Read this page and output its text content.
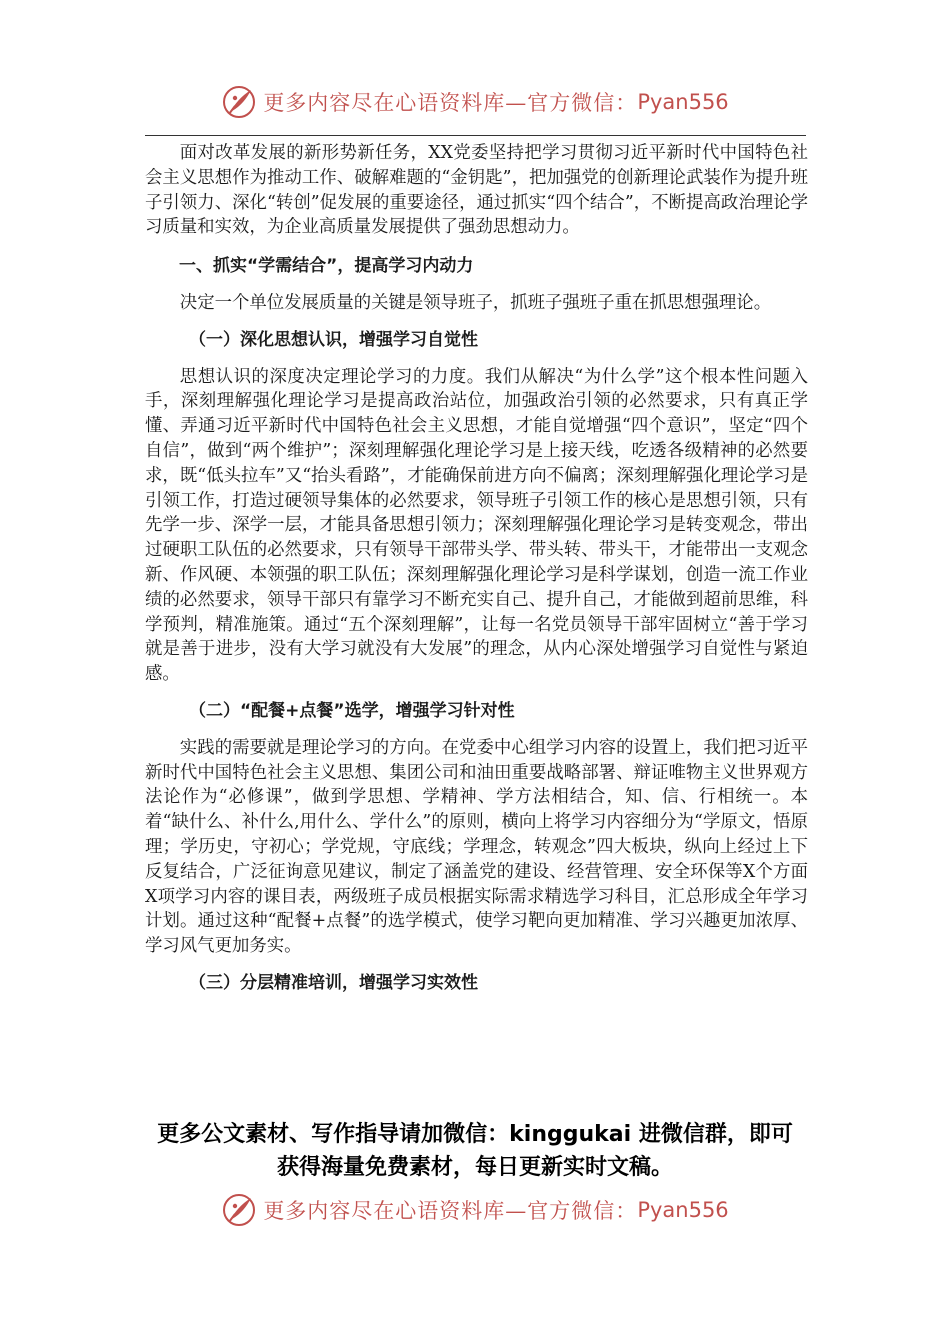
更多内容尽在心语资料库—官方微信： Pyan556

面对改革发展的新形势新任务，XX党委坚持把学习贯彻习近平新时代中国特色社会主义思想作为推动工作、破解难题的“金钥匙”，把加强党的创新理论武装作为提升班子引领力、深化“转创”促发展的重要途径，通过抓实“四个结合”，不断提高政治理论学习质量和实效，为企业高质量发展提供了强劲思想动力。

一、抓实“学需结合”，提高学习内动力

决定一个单位发展质量的关键是领导班子，抓班子强班子重在抓思想强理论。

（一）深化思想认识，增强学习自觉性

思想认识的深度决定理论学习的力度。我们从解决“为什么学”这个根本性问题入手，深刻理解强化理论学习是提高政治站位，加强政治引领的必然要求，只有真正学懂、弄通习近平新时代中国特色社会主义思想，才能自觉增强“四个意识”，坚定“四个自信”，做到“两个维护”；深刻理解强化理论学习是上接天线，吃透各级精神的必然要求，既“低头拉车”又“抬头看路”，才能确保前进方向不偏离；深刻理解强化理论学习是引领工作，打造过硬领导集体的必然要求，领导班子引领工作的核心是思想引领，只有先学一步、深学一层，才能具备思想引领力；深刻理解强化理论学习是转变观念，带出过硬职工队伍的必然要求，只有领导干部带头学、带头转、带头干，才能带出一支观念新、作风硬、本领强的职工队伍；深刻理解强化理论学习是科学谋划，创造一流工作业绩的必然要求，领导干部只有靠学习不断充实自己、提升自己，才能做到超前思维，科学预判，精准施策。通过“五个深刻理解”，让每一名党员领导干部牢固树立“善于学习就是善于进步，没有大学习就没有大发展”的理念，从内心深处增强学习自觉性与紧迫感。

（二）“配餐+点餐”选学，增强学习针对性

实践的需要就是理论学习的方向。在党委中心组学习内容的设置上，我们把习近平新时代中国特色社会主义思想、集团公司和油田重要战略部署、辩证唯物主义世界观方法论作为“必修课”，做到学思想、学精神、学方法相结合，知、信、行相统一。本着“缺什么、补什么,用什么、学什么”的原则，横向上将学习内容细分为“学原文，悟原理；学历史，守初心；学党规，守底线；学理念，转观念”四大板块，纵向上经过上下反复结合，广泛征询意见建议，制定了涵盖党的建设、经营管理、安全环保等X个方面X项学习内容的课目表，两级班子成员根据实际需求精选学习科目，汇总形成全年学习计划。通过这种“配餐+点餐”的选学模式，使学习靶向更加精准、学习兴趣更加浓厚、学习风气更加务实。

（三）分层精准培训，增强学习实效性

更多公文素材、写作指导请加微信：kinggukai 进微信群，即可
获得海量免费素材，每日更新实时文稿。
更多内容尽在心语资料库—官方微信： Pyan556
